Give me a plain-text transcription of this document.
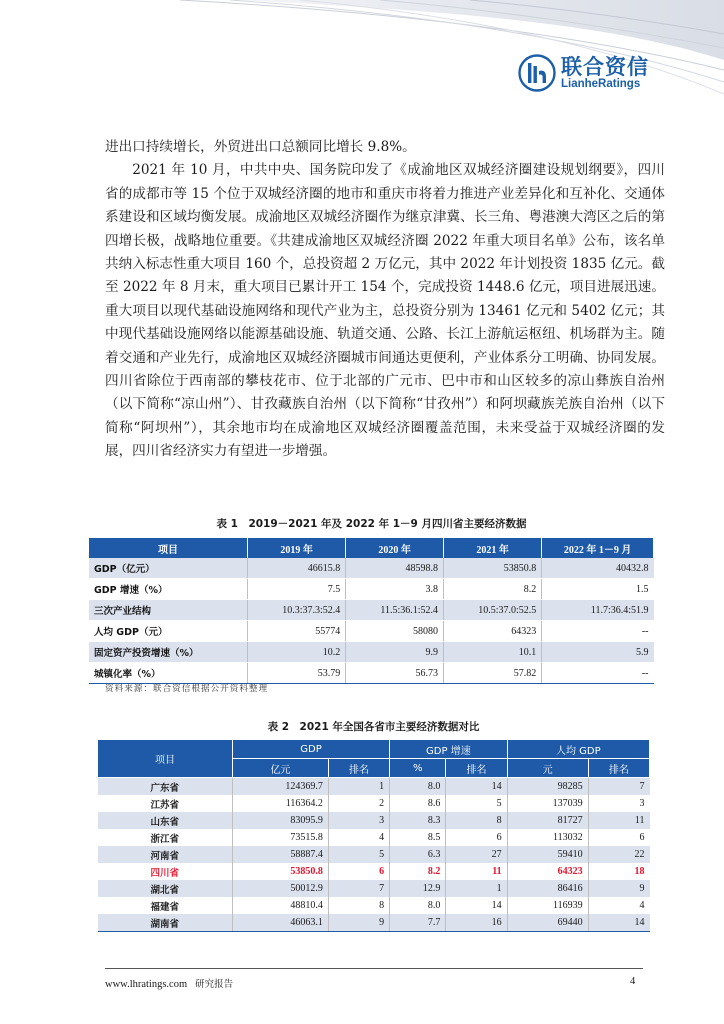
联合资信
LianheRatings

进出口持续增长，外贸进出口总额同比增长 9.8%。

2021 年 10 月，中共中央、国务院印发了《成渝地区双城经济圈建设规划纲要》，四川省的成都市等 15 个位于双城经济圈的地市和重庆市将着力推进产业差异化和互补化、交通体系建设和区域均衡发展。成渝地区双城经济圈作为继京津冀、长三角、粤港澳大湾区之后的第四增长极，战略地位重要。《共建成渝地区双城经济圈 2022 年重大项目名单》公布，该名单共纳入标志性重大项目 160 个，总投资超 2 万亿元，其中 2022 年计划投资 1835 亿元。截至 2022 年 8 月末，重大项目已累计开工 154 个，完成投资 1448.6 亿元，项目进展迅速。重大项目以现代基础设施网络和现代产业为主，总投资分别为 13461 亿元和 5402 亿元；其中现代基础设施网络以能源基础设施、轨道交通、公路、长江上游航运枢纽、机场群为主。随着交通和产业先行，成渝地区双城经济圈城市间通达更便利，产业体系分工明确、协同发展。四川省除位于西南部的攀枝花市、位于北部的广元市、巴中市和山区较多的凉山彝族自治州（以下简称“凉山州”）、甘孜藏族自治州（以下简称“甘孜州”）和阿坝藏族羌族自治州（以下简称“阿坝州”），其余地市均在成渝地区双城经济圈覆盖范围，未来受益于双城经济圈的发展，四川省经济实力有望进一步增强。

表 1　2019－2021 年及 2022 年 1－9 月四川省主要经济数据
项目	2019 年	2020 年	2021 年	2022 年 1－9 月
GDP（亿元）	46615.8	48598.8	53850.8	40432.8
GDP 增速（%）	7.5	3.8	8.2	1.5
三次产业结构	10.3:37.3:52.4	11.5:36.1:52.4	10.5:37.0:52.5	11.7:36.4:51.9
人均 GDP（元）	55774	58080	64323	--
固定资产投资增速（%）	10.2	9.9	10.1	5.9
城镇化率（%）	53.79	56.73	57.82	--
资料来源：联合资信根据公开资料整理
表 2　2021 年全国各省市主要经济数据对比
项目	GDP		GDP 增速		人均 GDP	
	亿元	排名	%	排名	元	排名
广东省	124369.7	1	8.0	14	98285	7
江苏省	116364.2	2	8.6	5	137039	3
山东省	83095.9	3	8.3	8	81727	11
浙江省	73515.8	4	8.5	6	113032	6
河南省	58887.4	5	6.3	27	59410	22
四川省	53850.8	6	8.2	11	64323	18
湖北省	50012.9	7	12.9	1	86416	9
福建省	48810.4	8	8.0	14	116939	4
湖南省	46063.1	9	7.7	16	69440	14
www.lhratings.com 研究报告	4
